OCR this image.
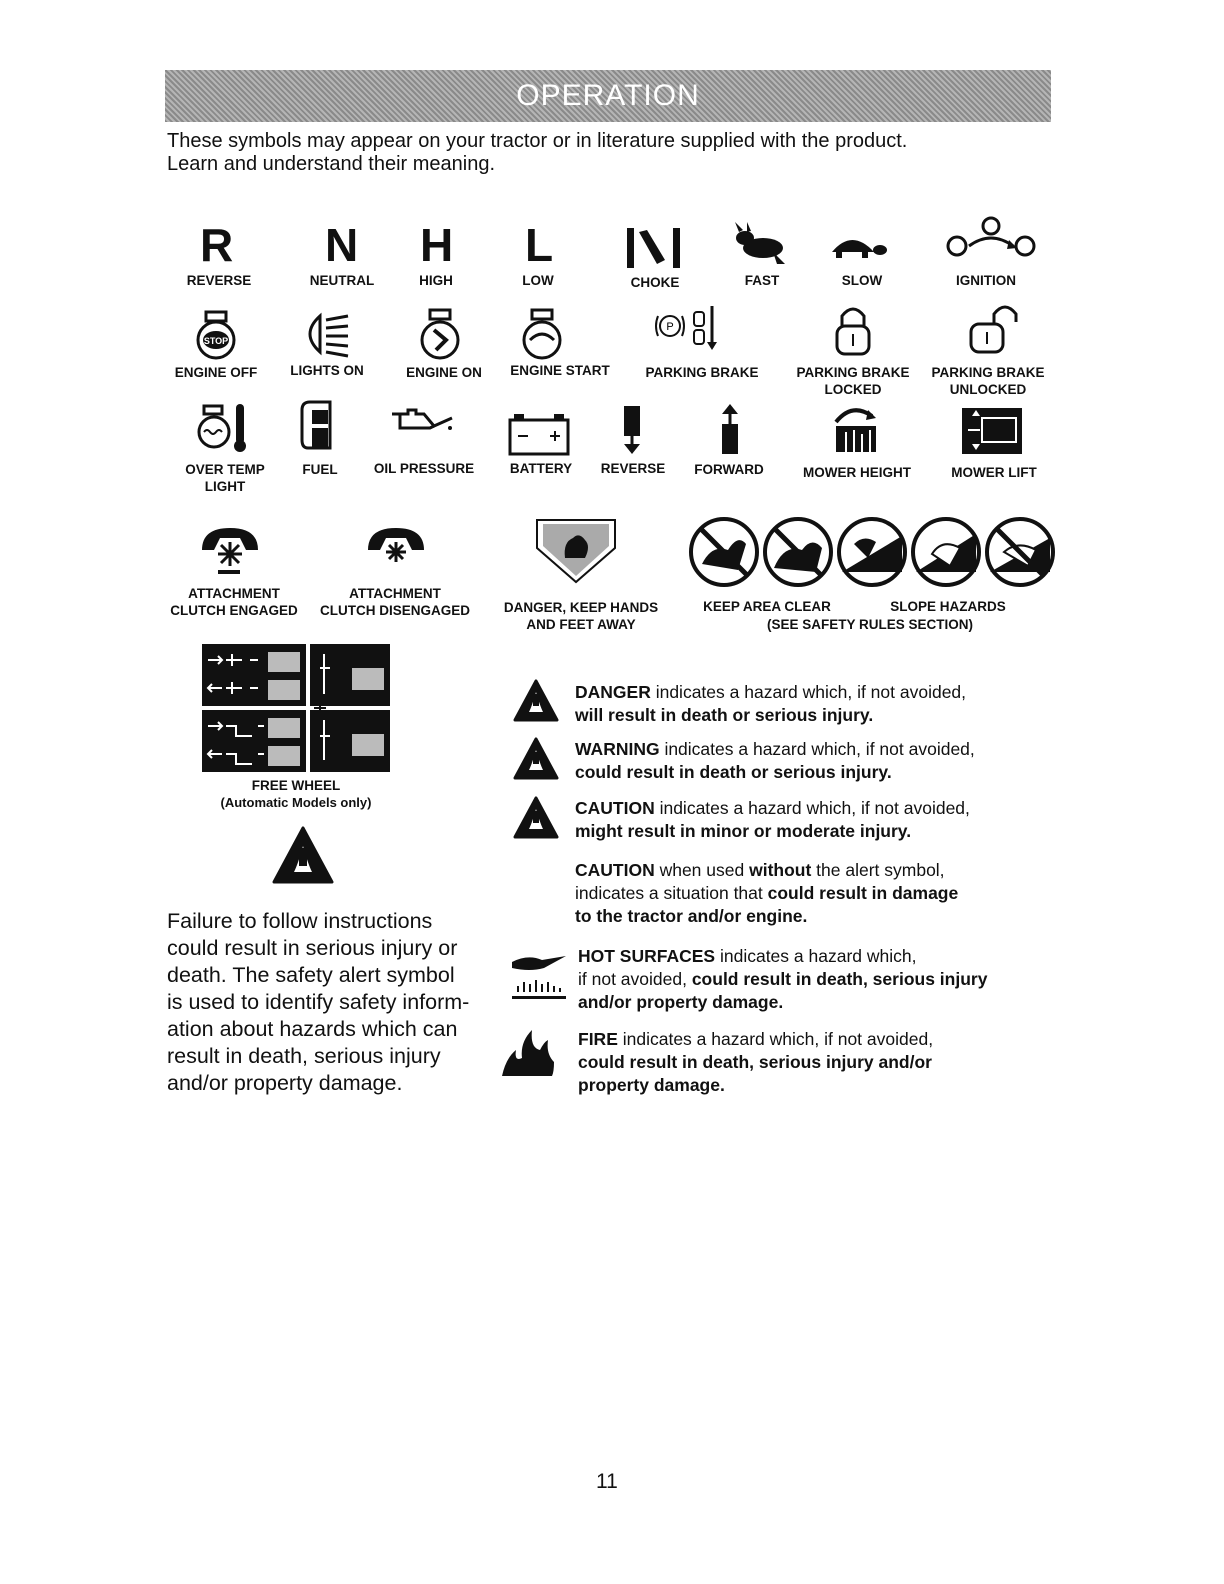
OPERATION
These symbols may appear on your tractor or in literature supplied with the product.
Learn and understand their meaning.
R N H L
REVERSE	NEUTRAL	HIGH	LOW	CHOKE	FAST	SLOW	IGNITION
STOP
P
ENGINE OFF LIGHTS ON	ENGINE ON ENGINE START	PARKING BRAKE	PARKING BRAKE
LOCKED
PARKING BRAKE
UNLOCKED
OVER TEMP
LIGHT
FUEL	OIL PRESSURE	BATTERY REVERSE FORWARD	MOWER HEIGHT	MOWER LIFT
ATTACHMENT
CLUTCH ENGAGED
ATTACHMENT
CLUTCH DISENGAGED	DANGER, KEEP HANDS
AND FEET AWAY
KEEP AREA CLEAR	SLOPE HAZARDS
(SEE SAFETY RULES SECTION)
FREE WHEEL
(Automatic Models only)
Failure to follow instructions
could result in serious injury or
death. The safety alert symbol
is used to identify safety inform-
ation about hazards which can
result in death, serious injury
and/or property damage.
DANGER indicates a hazard which, if not avoided,
will result in death or serious injury.
WARNING indicates a hazard which, if not avoided,
could result in death or serious injury.
CAUTION indicates a hazard which, if not avoided,
might result in minor or moderate injury.
CAUTION when used without the alert symbol,
indicates a situation that could result in damage
to the tractor and/or engine.
HOT SURFACES indicates a hazard which,
if not avoided, could result in death, serious injury
and/or property damage.
FIRE indicates a hazard which, if not avoided,
could result in death, serious injury and/or
property damage.
11
